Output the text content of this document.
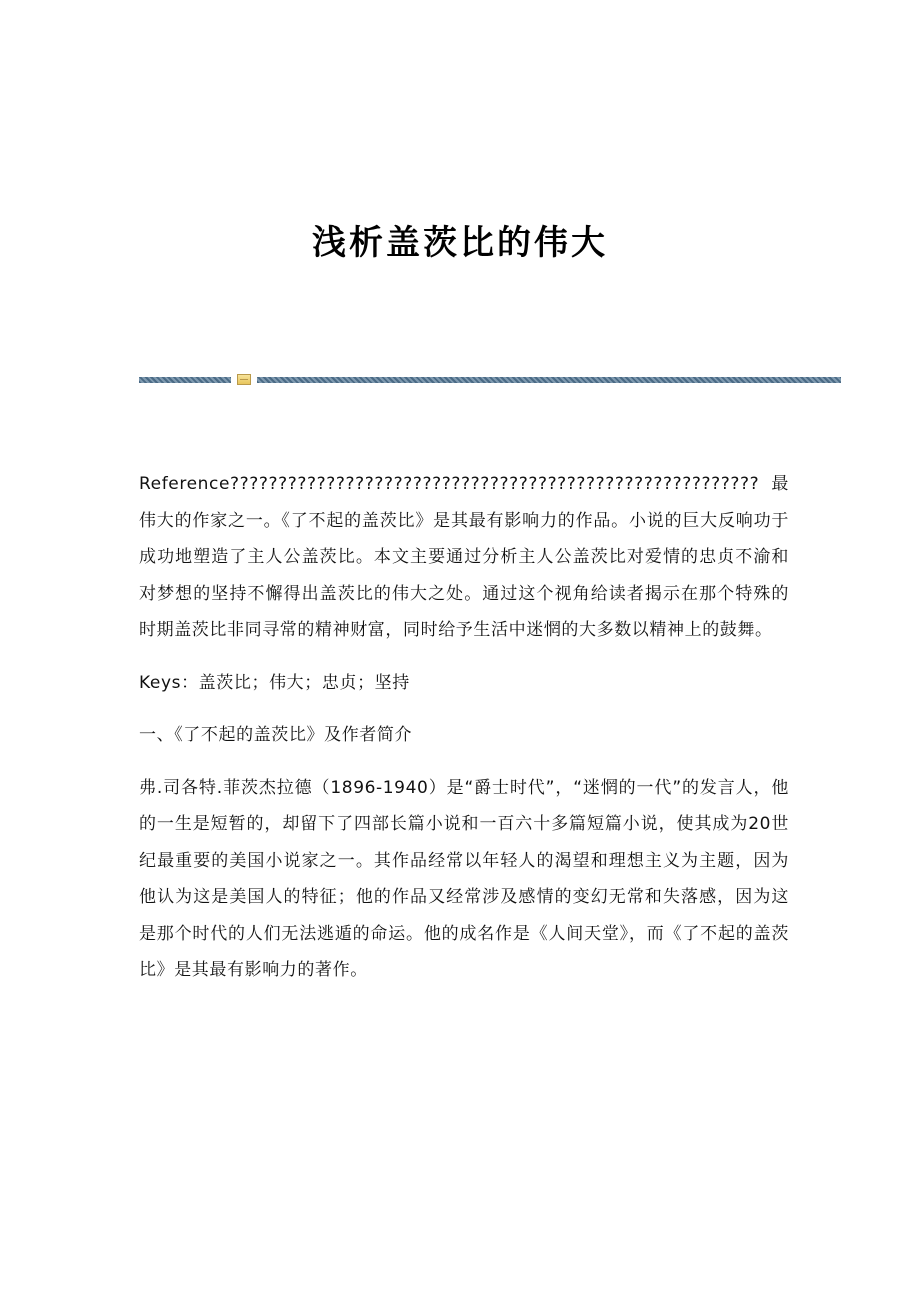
浅析盖茨比的伟大

Reference???????????????????????????????????????????????????????最伟大的作家之一。《了不起的盖茨比》是其最有影响力的作品。小说的巨大反响功于成功地塑造了主人公盖茨比。本文主要通过分析主人公盖茨比对爱情的忠贞不渝和对梦想的坚持不懈得出盖茨比的伟大之处。通过这个视角给读者揭示在那个特殊的时期盖茨比非同寻常的精神财富，同时给予生活中迷惘的大多数以精神上的鼓舞。

Keys：盖茨比；伟大；忠贞；坚持

一、《了不起的盖茨比》及作者简介

弗.司各特.菲茨杰拉德（1896-1940）是“爵士时代”，“迷惘的一代”的发言人，他的一生是短暂的，却留下了四部长篇小说和一百六十多篇短篇小说，使其成为20世纪最重要的美国小说家之一。其作品经常以年轻人的渴望和理想主义为主题，因为他认为这是美国人的特征；他的作品又经常涉及感情的变幻无常和失落感，因为这是那个时代的人们无法逃遁的命运。他的成名作是《人间天堂》，而《了不起的盖茨比》是其最有影响力的著作。
